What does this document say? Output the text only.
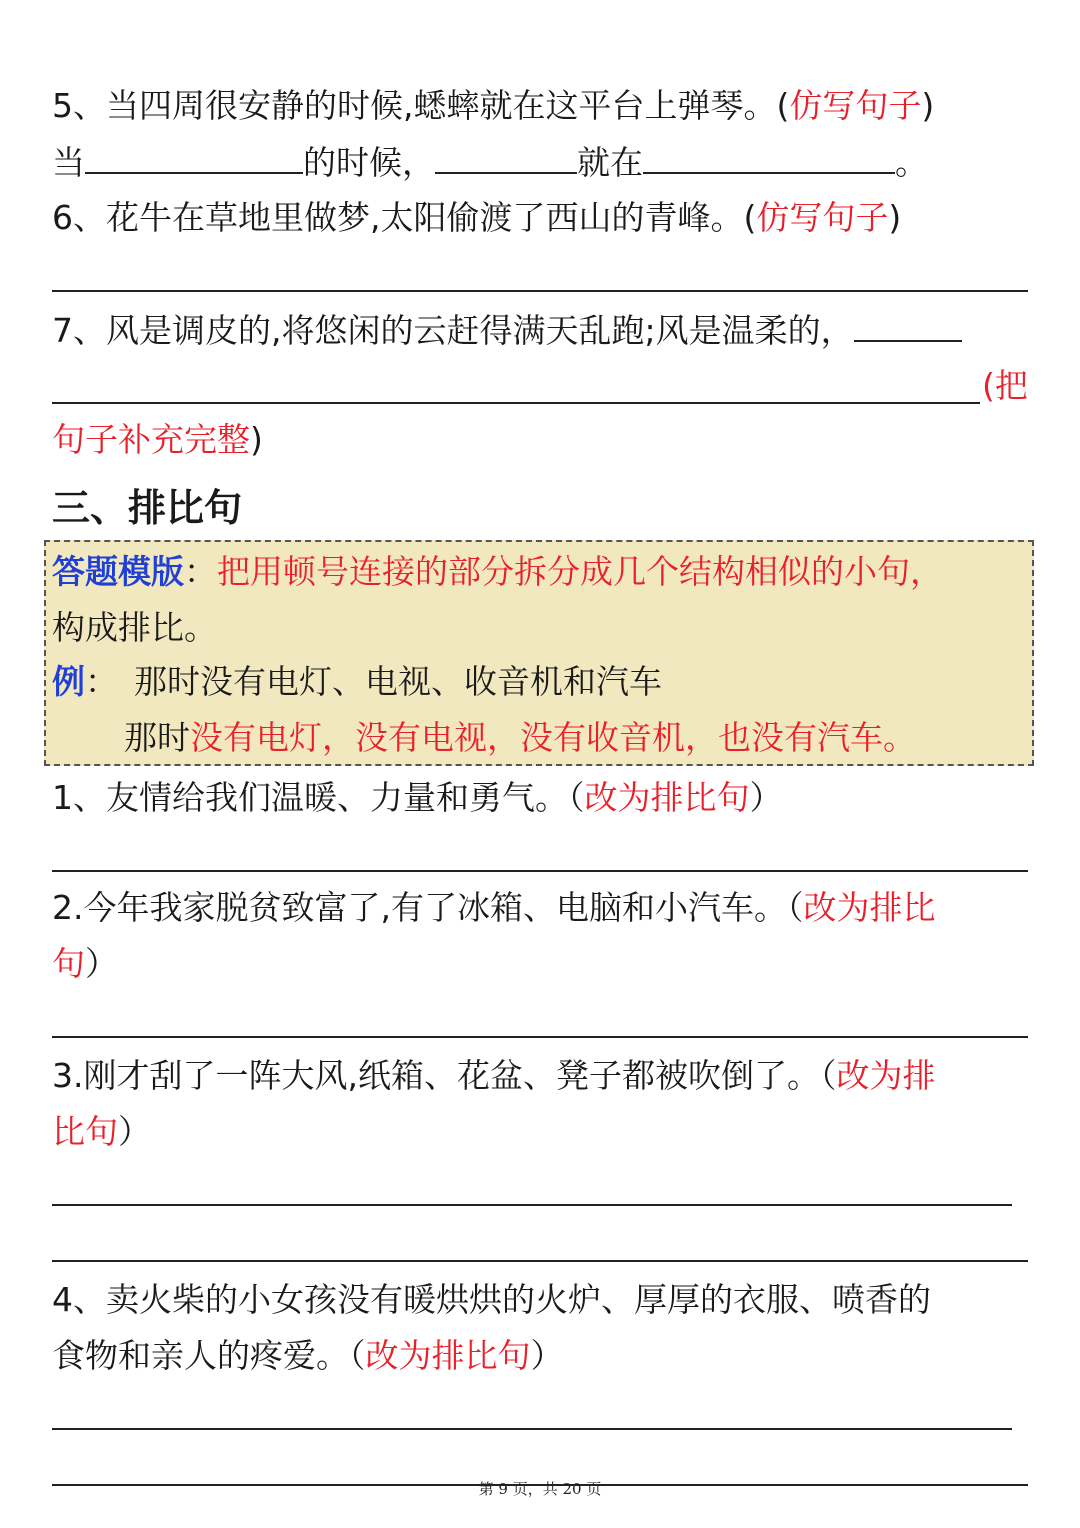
5、当四周很安静的时候,蟋蟀就在这平台上弹琴。(仿写句子)
当	的时候，	就在	。
6、花牛在草地里做梦,太阳偷渡了西山的青峰。(仿写句子)
7、风是调皮的,将悠闲的云赶得满天乱跑;风是温柔的，
(把
句子补充完整)
三、排比句
答题模版：把用顿号连接的部分拆分成几个结构相似的小句，
构成排比。
例： 那时没有电灯、电视、收音机和汽车
那时没有电灯，没有电视，没有收音机，也没有汽车。
1、友情给我们温暖、力量和勇气。（改为排比句）
2.今年我家脱贫致富了,有了冰箱、电脑和小汽车。（改为排比
句）
3.刚才刮了一阵大风,纸箱、花盆、凳子都被吹倒了。（改为排
比句）
4、卖火柴的小女孩没有暖烘烘的火炉、厚厚的衣服、喷香的
食物和亲人的疼爱。（改为排比句）
第 9 页，共 20 页
